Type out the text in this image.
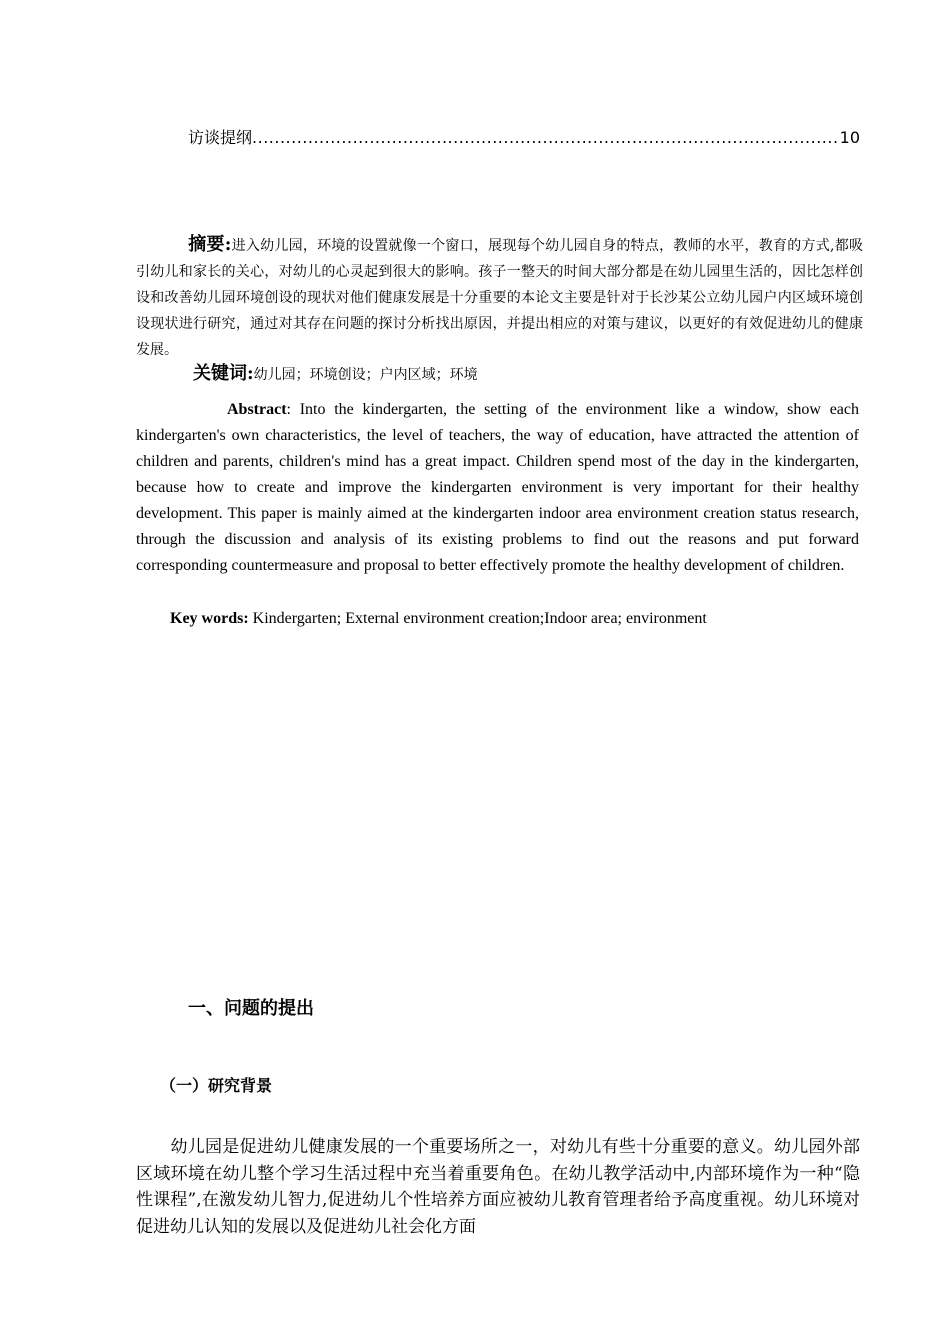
访谈提纲
.....	10
摘要:进入幼儿园，环境的设置就像一个窗口，展现每个幼儿园自身的特点，教师的水平，教育的方式,都吸引幼儿和家长的关心，对幼儿的心灵起到很大的影响。孩子一整天的时间大部分都是在幼儿园里生活的，因比怎样创设和改善幼儿园环境创设的现状对他们健康发展是十分重要的本论文主要是针对于长沙某公立幼儿园户内区域环境创设现状进行研究，通过对其存在问题的探讨分析找出原因，并提出相应的对策与建议，以更好的有效促进幼儿的健康发展。
关键词:幼儿园；环境创设；户内区域；环境
Abstract: Into the kindergarten, the setting of the environment like a window, show each kindergarten's own characteristics, the level of teachers, the way of education, have attracted the attention of children and parents, children's mind has a great impact. Children spend most of the day in the kindergarten, because how to create and improve the kindergarten environment is very important for their healthy development. This paper is mainly aimed at the kindergarten indoor area environment creation status research, through the discussion and analysis of its existing problems to find out the reasons and put forward corresponding countermeasure and proposal to better effectively promote the healthy development of children.
Key words: Kindergarten; External environment creation;Indoor area; environment
一、问题的提出
（一）研究背景
　　幼儿园是促进幼儿健康发展的一个重要场所之一，对幼儿有些十分重要的意义。幼儿园外部区域环境在幼儿整个学习生活过程中充当着重要角色。在幼儿教学活动中,内部环境作为一种“隐性课程”,在激发幼儿智力,促进幼儿个性培养方面应被幼儿教育管理者给予高度重视。幼儿环境对促进幼儿认知的发展以及促进幼儿社会化方面
